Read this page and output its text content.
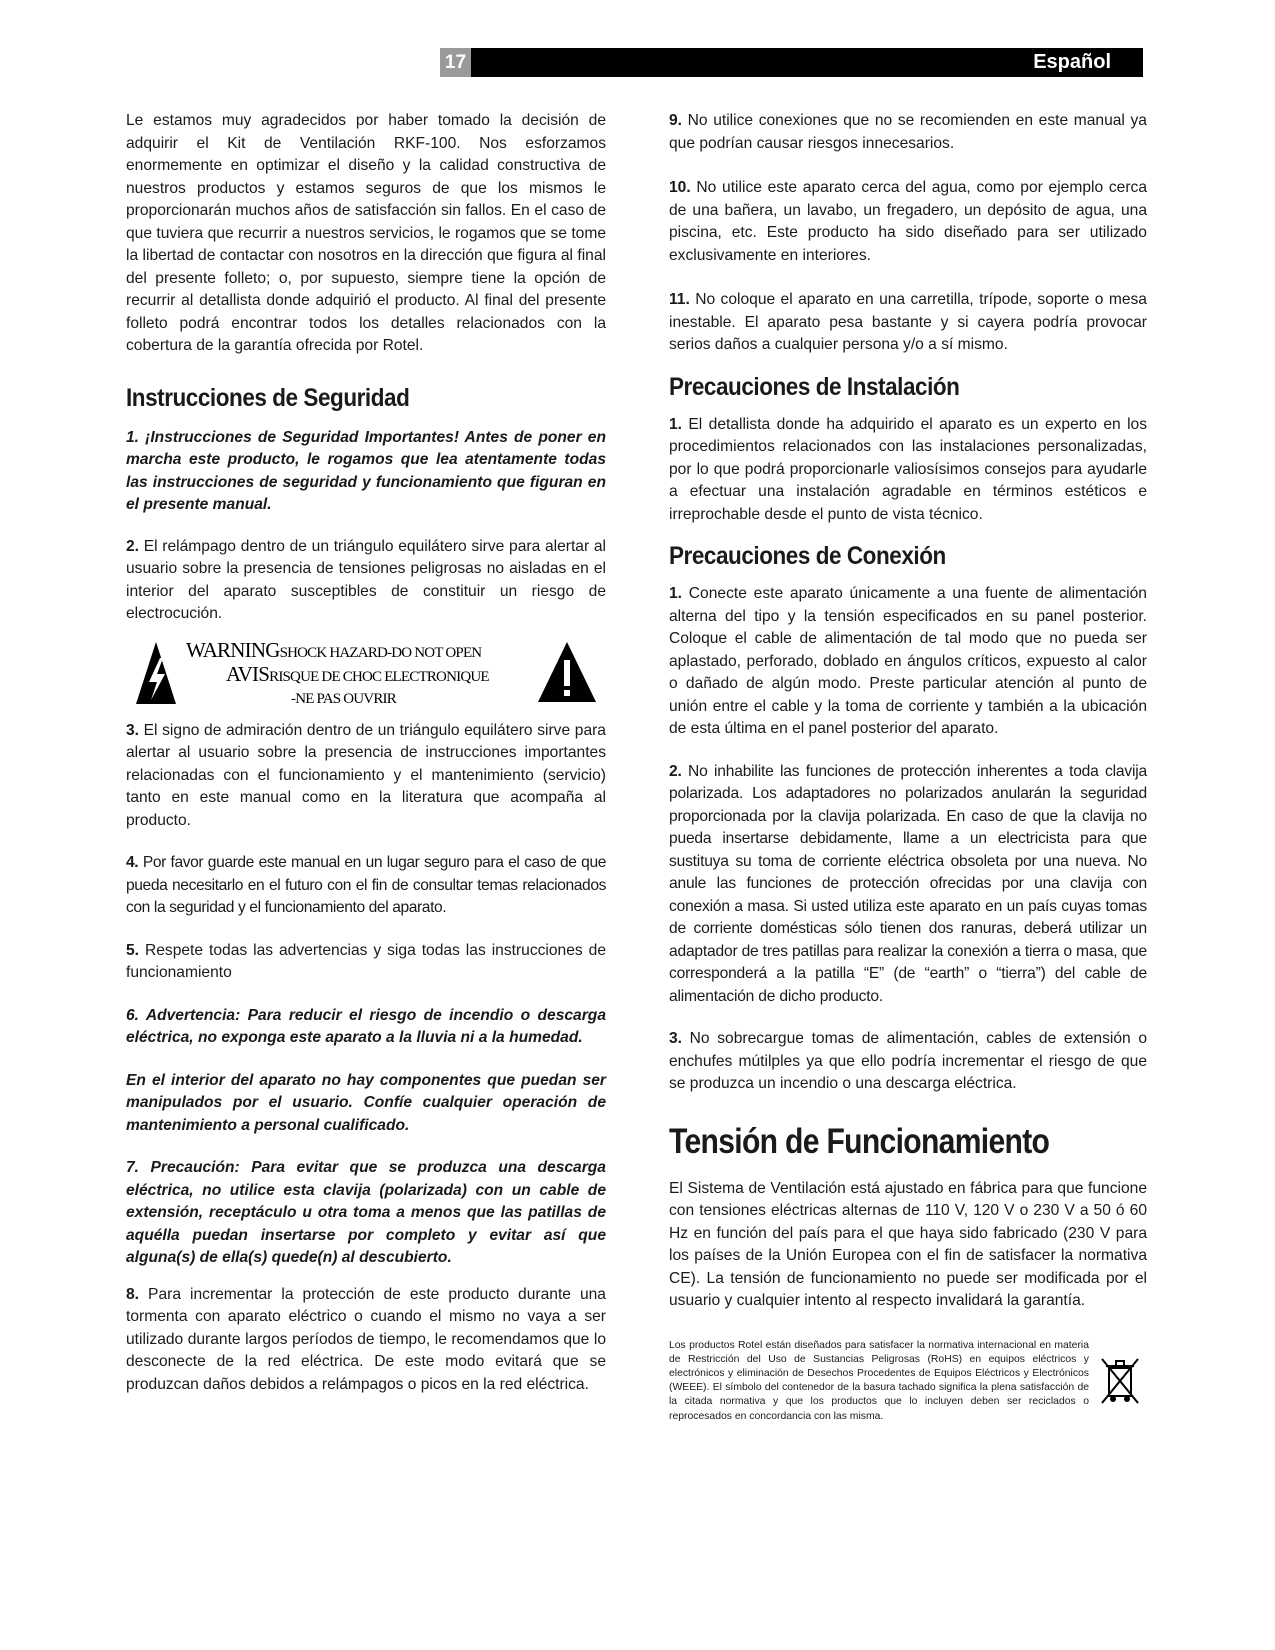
17	Español

Le estamos muy agradecidos por haber tomado la decisión de adquirir el Kit de Ventilación RKF-100. Nos esforzamos enormemente en optimizar el diseño y la calidad constructiva de nuestros productos y estamos seguros de que los mismos le proporcionarán muchos años de satisfacción sin fallos. En el caso de que tuviera que recurrir a nuestros servicios, le rogamos que se tome la libertad de contactar con nosotros en la dirección que figura al final del presente folleto; o, por supuesto, siempre tiene la opción de recurrir al detallista donde adquirió el producto. Al final del presente folleto podrá encontrar todos los detalles relacionados con la cobertura de la garantía ofrecida por Rotel.

Instrucciones de Seguridad

1. ¡Instrucciones de Seguridad Importantes! Antes de poner en marcha este producto, le rogamos que lea atentamente todas las instrucciones de seguridad y funcionamiento que figuran en el presente manual.

2. El relámpago dentro de un triángulo equilátero sirve para alertar al usuario sobre la presencia de tensiones peligrosas no aisladas en el interior del aparato susceptibles de constituir un riesgo de electrocución.

WARNINGSHOCK HAZARD-DO NOT OPEN
AVISRISQUE DE CHOC ELECTRONIQUE
-NE PAS OUVRIR

3. El signo de admiración dentro de un triángulo equilátero sirve para alertar al usuario sobre la presencia de instrucciones importantes relacionadas con el funcionamiento y el mantenimiento (servicio) tanto en este manual como en la literatura que acompaña al producto.

4. Por favor guarde este manual en un lugar seguro para el caso de que pueda necesitarlo en el futuro con el fin de consultar temas relacionados con la seguridad y el funcionamiento del aparato.

5. Respete todas las advertencias y siga todas las instrucciones de funcionamiento

6. Advertencia: Para reducir el riesgo de incendio o descarga eléctrica, no exponga este aparato a la lluvia ni a la humedad.

En el interior del aparato no hay componentes que puedan ser manipulados por el usuario. Confíe cualquier operación de mantenimiento a personal cualificado.

7. Precaución: Para evitar que se produzca una descarga eléctrica, no utilice esta clavija (polarizada) con un cable de extensión, receptáculo u otra toma a menos que las patillas de aquélla puedan insertarse por completo y evitar así que alguna(s) de ella(s) quede(n) al descubierto.

8. Para incrementar la protección de este producto durante una tormenta con aparato eléctrico o cuando el mismo no vaya a ser utilizado durante largos períodos de tiempo, le recomendamos que lo desconecte de la red eléctrica. De este modo evitará que se produzcan daños debidos a relámpagos o picos en la red eléctrica.

9. No utilice conexiones que no se recomienden en este manual ya que podrían causar riesgos innecesarios.

10. No utilice este aparato cerca del agua, como por ejemplo cerca de una bañera, un lavabo, un fregadero, un depósito de agua, una piscina, etc. Este producto ha sido diseñado para ser utilizado exclusivamente en interiores.

11. No coloque el aparato en una carretilla, trípode, soporte o mesa inestable. El aparato pesa bastante y si cayera podría provocar serios daños a cualquier persona y/o a sí mismo.

Precauciones de Instalación

1. El detallista donde ha adquirido el aparato es un experto en los procedimientos relacionados con las instalaciones personalizadas, por lo que podrá proporcionarle valiosísimos consejos para ayudarle a efectuar una instalación agradable en términos estéticos e irreprochable desde el punto de vista técnico.

Precauciones de Conexión

1. Conecte este aparato únicamente a una fuente de alimentación alterna del tipo y la tensión especificados en su panel posterior. Coloque el cable de alimentación de tal modo que no pueda ser aplastado, perforado, doblado en ángulos críticos, expuesto al calor o dañado de algún modo. Preste particular atención al punto de unión entre el cable y la toma de corriente y también a la ubicación de esta última en el panel posterior del aparato.

2. No inhabilite las funciones de protección inherentes a toda clavija polarizada. Los adaptadores no polarizados anularán la seguridad proporcionada por la clavija polarizada. En caso de que la clavija no pueda insertarse debidamente, llame a un electricista para que sustituya su toma de corriente eléctrica obsoleta por una nueva. No anule las funciones de protección ofrecidas por una clavija con conexión a masa. Si usted utiliza este aparato en un país cuyas tomas de corriente domésticas sólo tienen dos ranuras, deberá utilizar un adaptador de tres patillas para realizar la conexión a tierra o masa, que corresponderá a la patilla “E” (de “earth” o “tierra”) del cable de alimentación de dicho producto.

3. No sobrecargue tomas de alimentación, cables de extensión o enchufes mútilples ya que ello podría incrementar el riesgo de que se produzca un incendio o una descarga eléctrica.

Tensión de Funcionamiento

El Sistema de Ventilación está ajustado en fábrica para que funcione con tensiones eléctricas alternas de 110 V, 120 V o 230 V a 50 ó 60 Hz en función del país para el que haya sido fabricado (230 V para los países de la Unión Europea con el fin de satisfacer la normativa CE). La tensión de funcionamiento no puede ser modificada por el usuario y cualquier intento al respecto invalidará la garantía.

Los productos Rotel están diseñados para satisfacer la normativa internacional en materia de Restricción del Uso de Sustancias Peligrosas (RoHS) en equipos eléctricos y electrónicos y eliminación de Desechos Procedentes de Equipos Eléctricos y Electrónicos (WEEE). El símbolo del contenedor de la basura tachado significa la plena satisfacción de la citada normativa y que los productos que lo incluyen deben ser reciclados o reprocesados en concordancia con las misma.
